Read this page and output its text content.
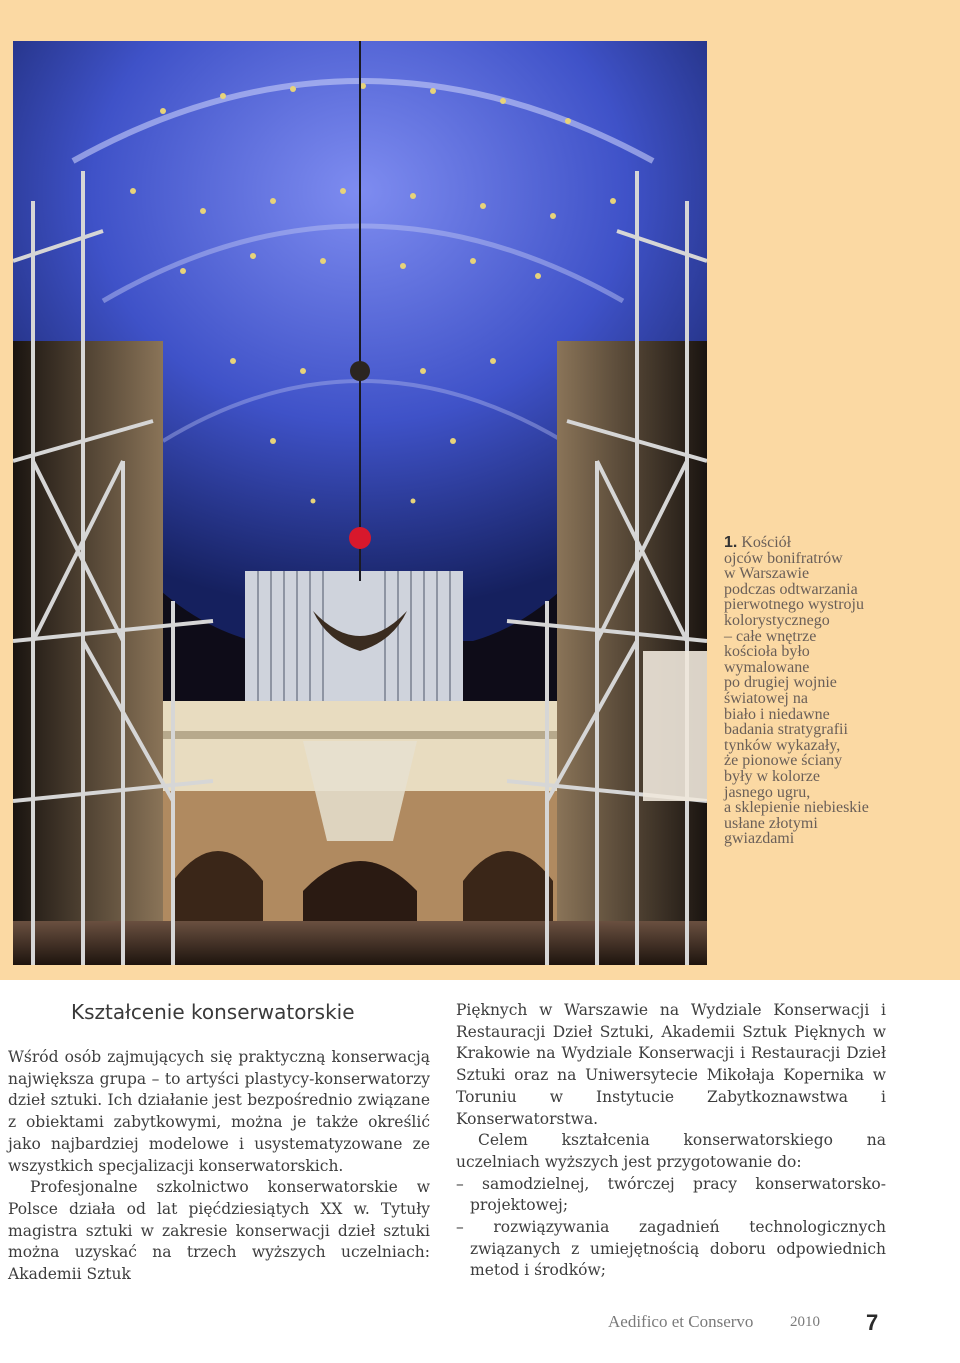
1. Kościół
ojców bonifratrów
w Warszawie
podczas odtwarzania
pierwotnego wystroju
kolorystycznego
– całe wnętrze
kościoła było
wymalowane
po drugiej wojnie
światowej na
biało i niedawne
badania stratygrafii
tynków wykazały,
że pionowe ściany
były w kolorze
jasnego ugru,
a sklepienie niebieskie
usłane złotymi
gwiazdami
Kształcenie konserwatorskie

Wśród osób zajmujących się praktyczną konserwacją największa grupa – to artyści plastycy-konserwatorzy dzieł sztuki. Ich działanie jest bezpośrednio związane z obiektami zabytkowymi, można je także określić jako najbardziej modelowe i usystematyzowane ze wszystkich specjalizacji konserwatorskich.

Profesjonalne szkolnictwo konserwatorskie w Polsce działa od lat pięćdziesiątych XX w. Tytuły magistra sztuki w zakresie konserwacji dzieł sztuki można uzyskać na trzech wyższych uczelniach: Akademii Sztuk

Pięknych w Warszawie na Wydziale Konserwacji i Restauracji Dzieł Sztuki, Akademii Sztuk Pięknych w Krakowie na Wydziale Konserwacji i Restauracji Dzieł Sztuki oraz na Uniwersytecie Mikołaja Kopernika w Toruniu w Instytucie Zabytkoznawstwa i Konserwatorstwa.

Celem kształcenia konserwatorskiego na uczelniach wyższych jest przygotowanie do:

– samodzielnej, twórczej pracy konserwatorsko-projektowej;
– rozwiązywania zagadnień technologicznych związanych z umiejętnością doboru odpowiednich metod i środków;
Aedifico et Conservo 2010 7
